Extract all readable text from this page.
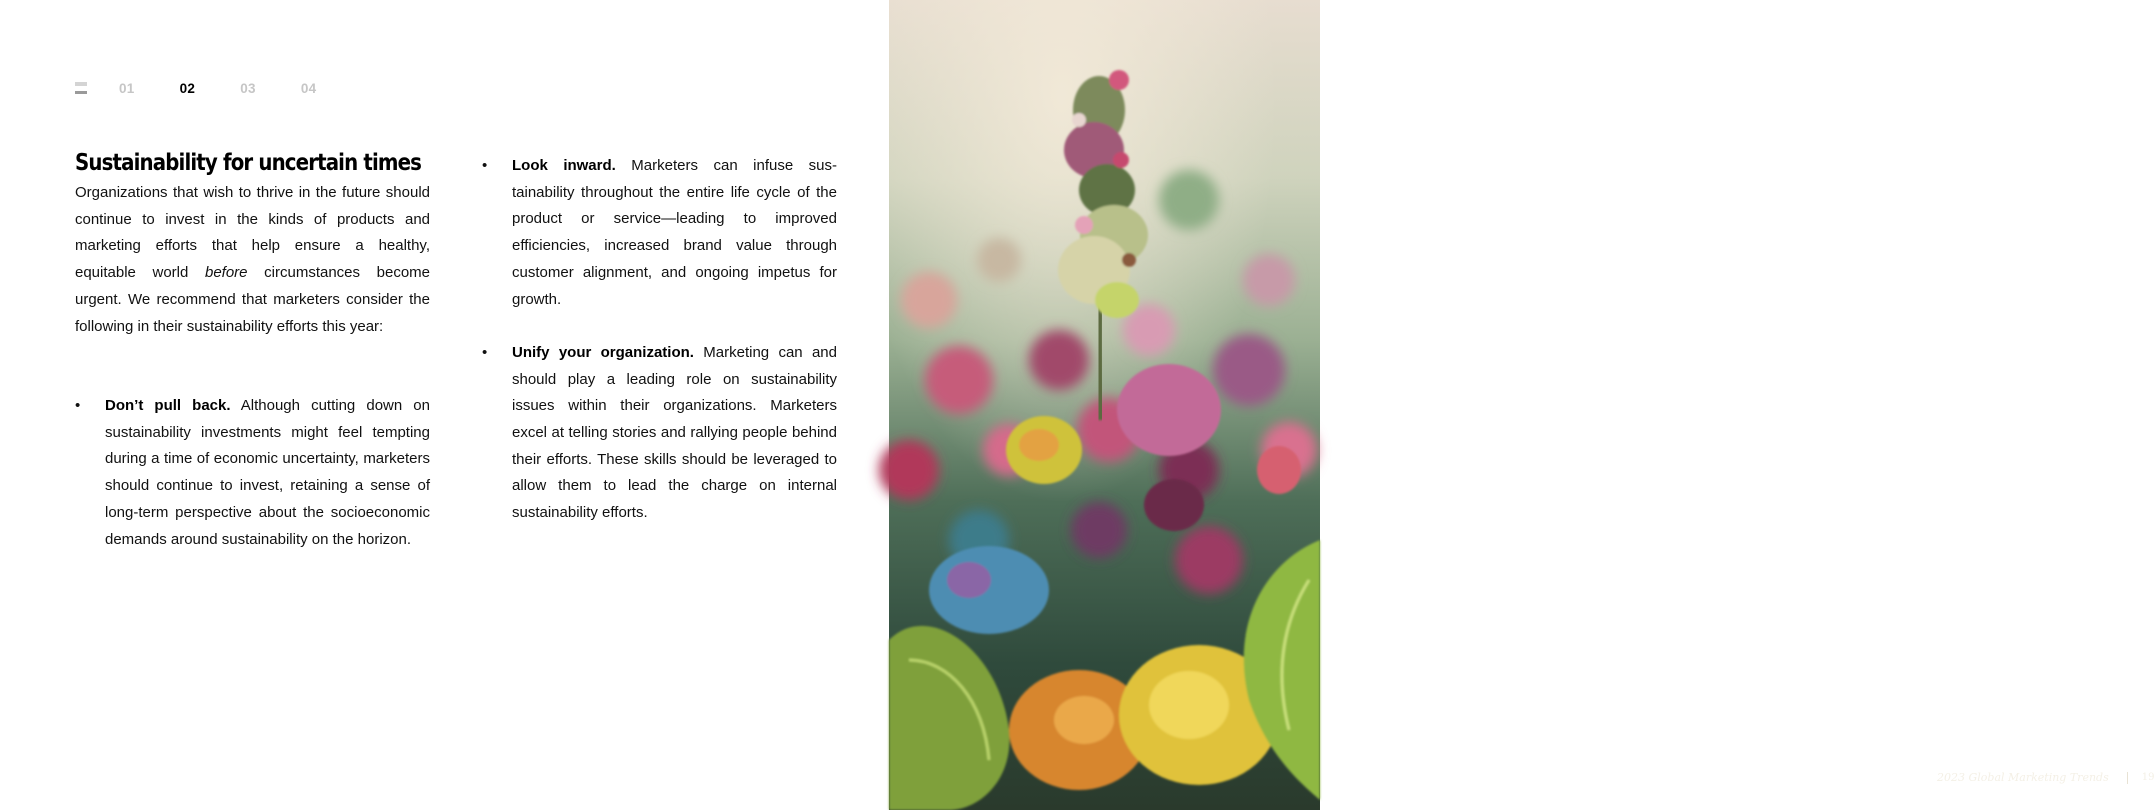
01	02	03	04
Sustainability for uncertain times

Organizations that wish to thrive in the future should continue to invest in the kinds of products and marketing efforts that help ensure a healthy, equitable world before circumstances become urgent. We recommend that marketers consider the following in their sustainability efforts this year:

• Don’t pull back. Although cutting down on sustainability investments might feel tempting during a time of economic uncertainty, marketers should continue to invest, retaining a sense of long-term perspective about the socioeconomic demands around sustainability on the horizon.
• Look inward. Marketers can infuse sustainability throughout the entire life cycle of the product or service—leading to improved efficiencies, increased brand value through customer alignment, and ongoing impetus for growth.
• Unify your organization. Marketing can and should play a leading role on sustainability issues within their organizations. Marketers excel at telling stories and rallying people behind their efforts. These skills should be leveraged to allow them to lead the charge on internal sustainability efforts.
2023 Global Marketing Trends	19
